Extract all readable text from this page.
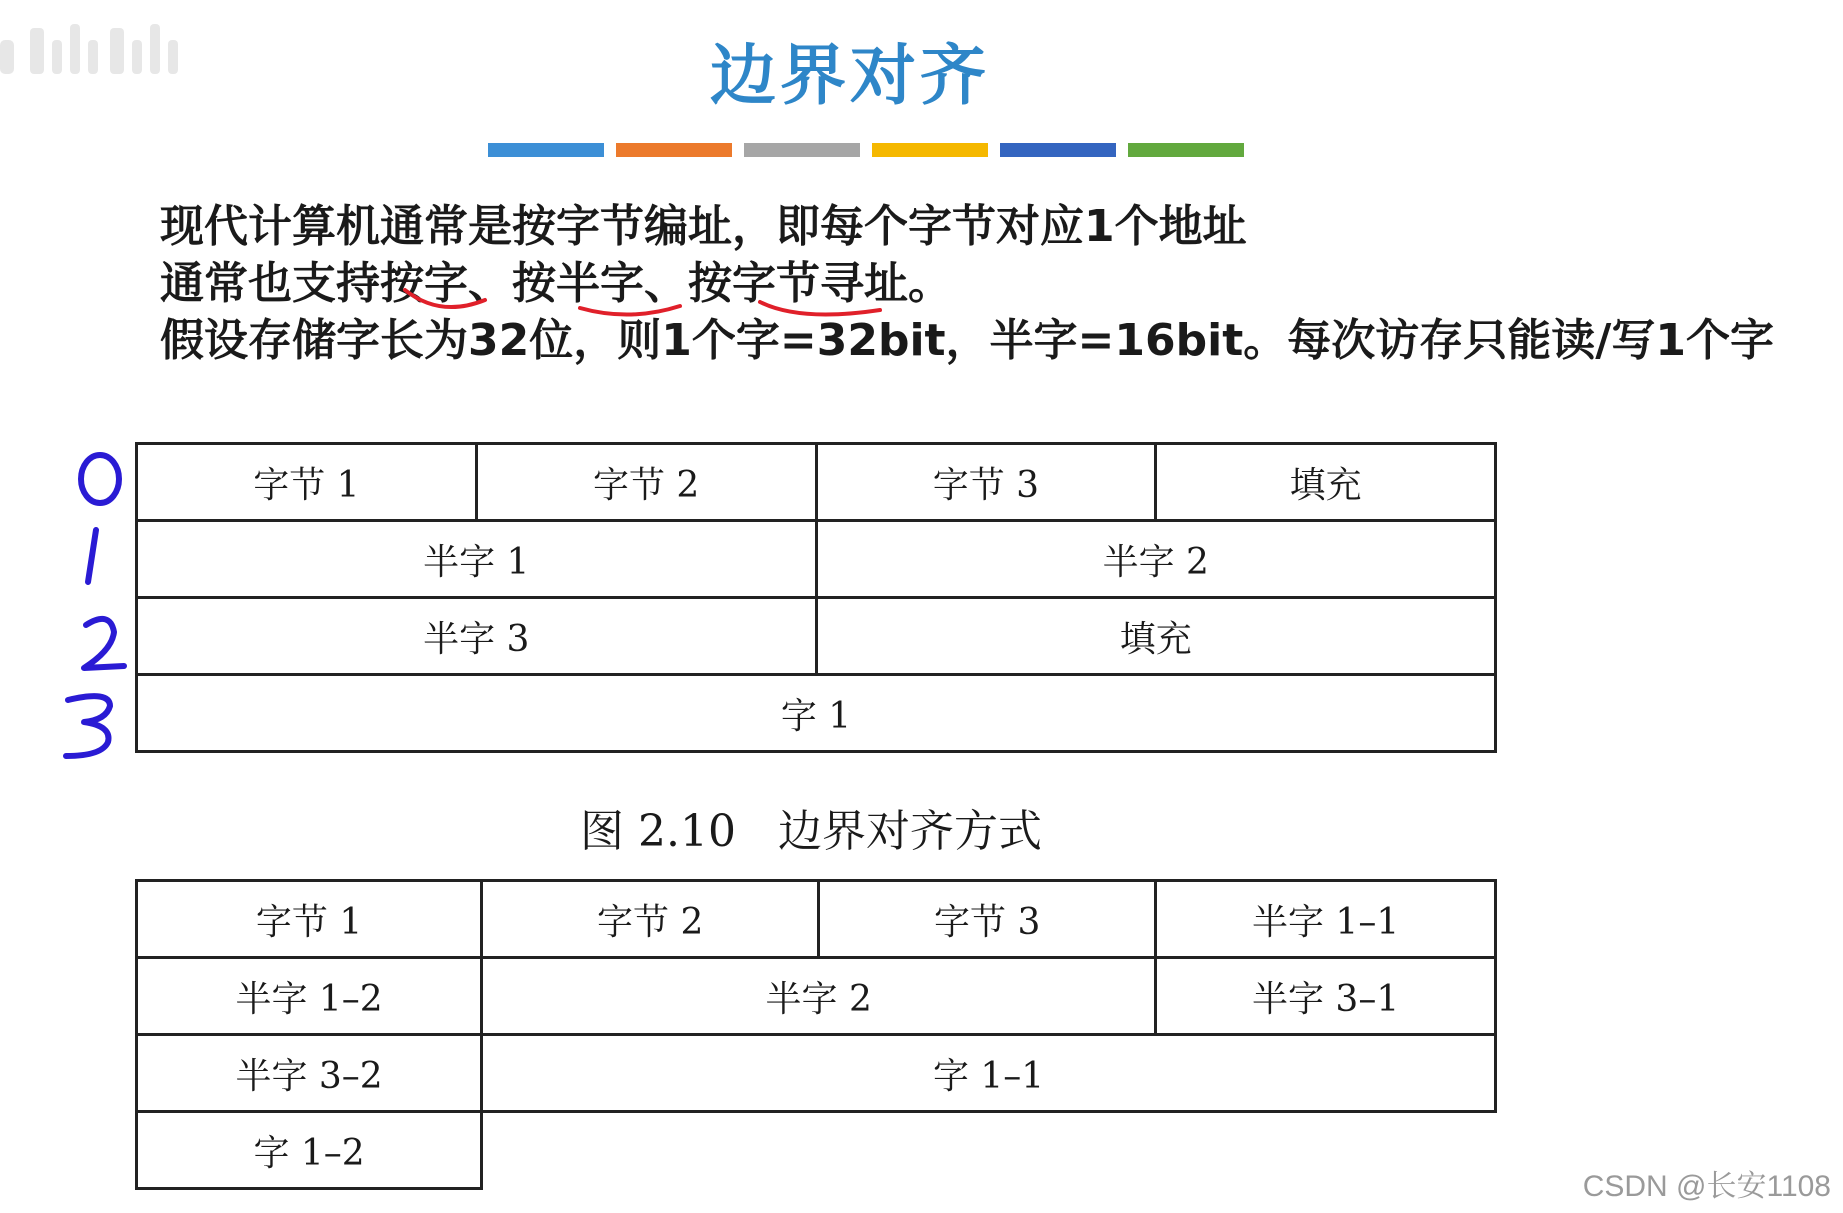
边界对齐
现代计算机通常是按字节编址，即每个字节对应1个地址
通常也支持按字、按半字、按字节寻址。
假设存储字长为32位，则1个字=32bit，半字=16bit。每次访存只能读/写1个字
字节 1	字节 2	字节 3	填充
半字 1		半字 2	
半字 3		填充	
字 1			
图 2.10 边界对齐方式
字节 1	字节 2	字节 3	半字 1–1
半字 1–2	半字 2		半字 3–1
半字 3–2	字 1–1		
字 1–2			
CSDN @长安1108
